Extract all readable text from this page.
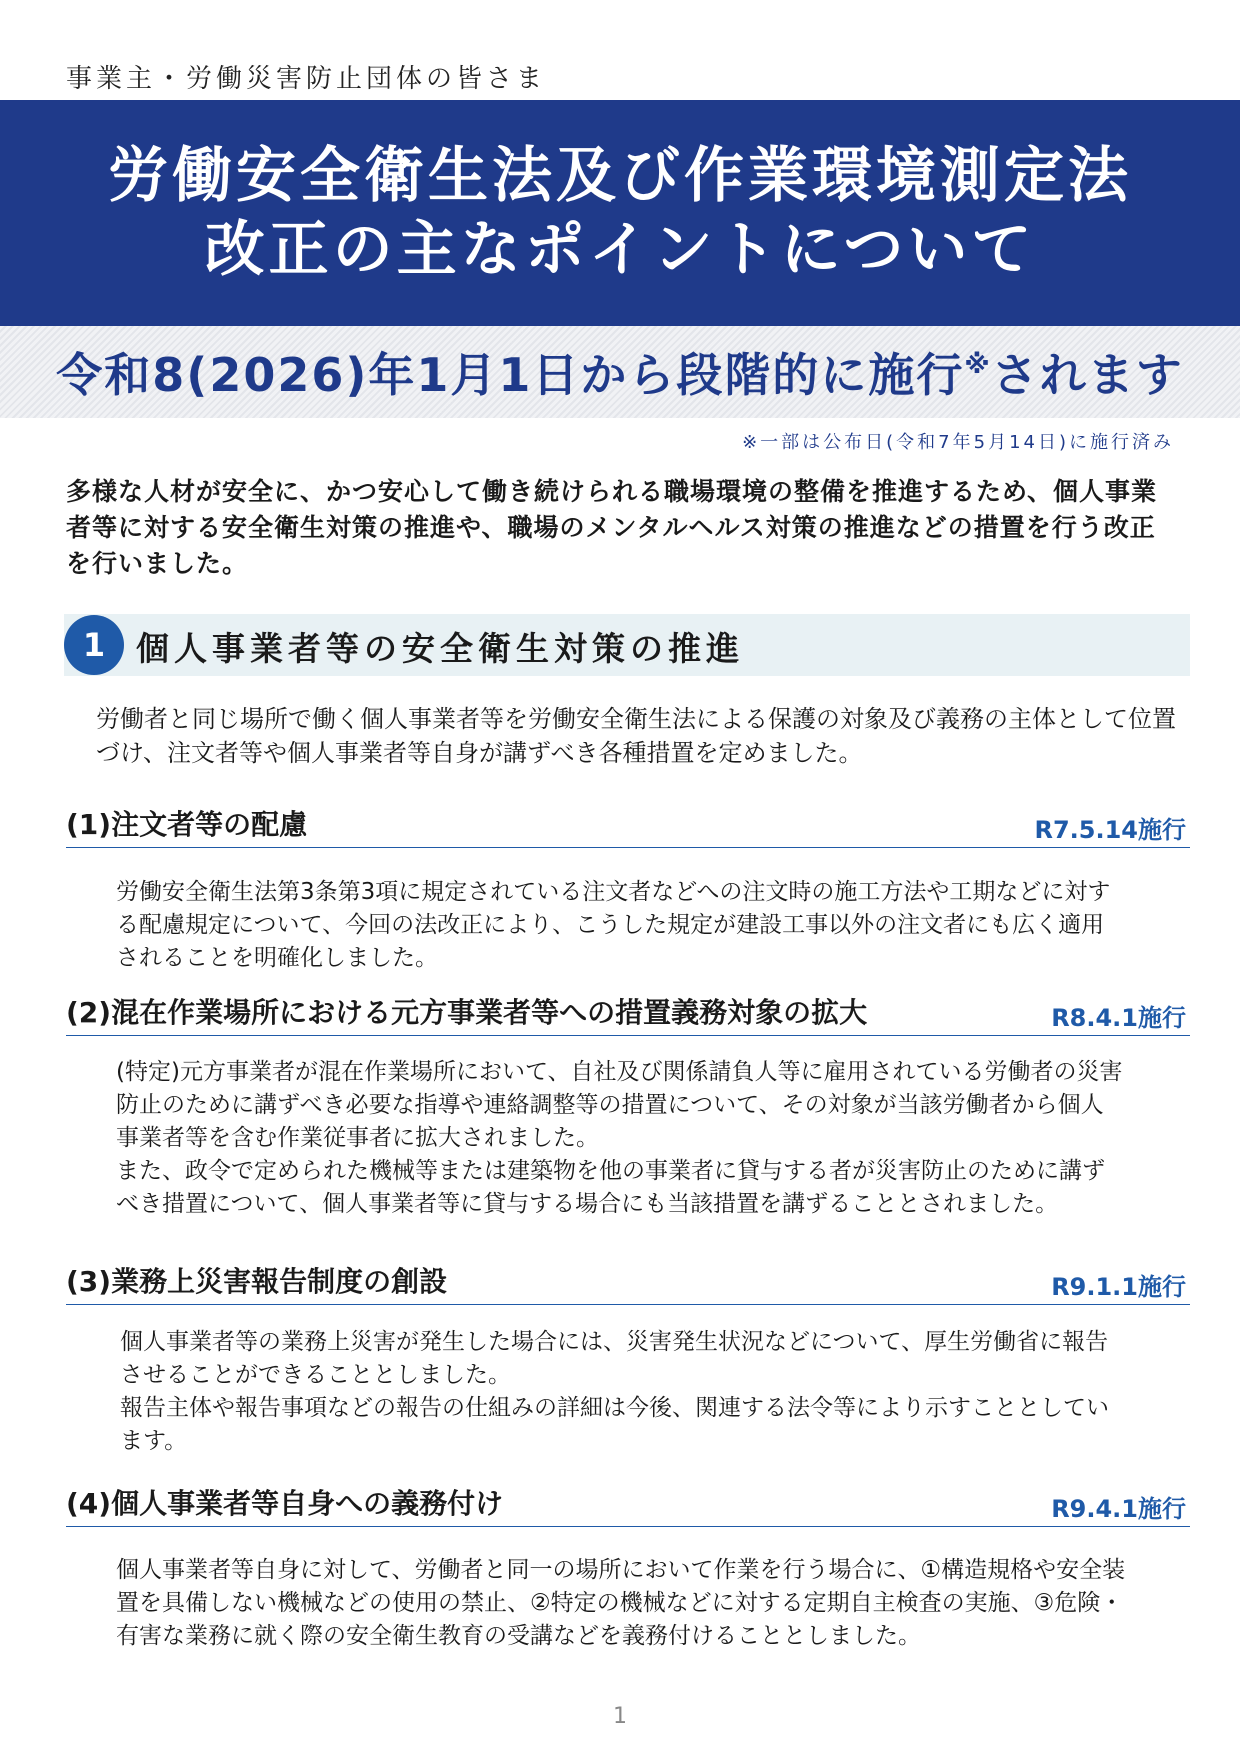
事業主・労働災害防止団体の皆さま
労働安全衛生法及び作業環境測定法
改正の主なポイントについて
令和8(2026)年1月1日から段階的に施行※されます
※一部は公布日(令和7年5月14日)に施行済み
多様な人材が安全に、かつ安心して働き続けられる職場環境の整備を推進するため、個人事業者等に対する安全衛生対策の推進や、職場のメンタルヘルス対策の推進などの措置を行う改正を行いました。
1 個人事業者等の安全衛生対策の推進
労働者と同じ場所で働く個人事業者等を労働安全衛生法による保護の対象及び義務の主体として位置づけ、注文者等や個人事業者等自身が講ずべき各種措置を定めました。
(1)注文者等の配慮	R7.5.14施行
労働安全衛生法第3条第3項に規定されている注文者などへの注文時の施工方法や工期などに対する配慮規定について、今回の法改正により、こうした規定が建設工事以外の注文者にも広く適用されることを明確化しました。
(2)混在作業場所における元方事業者等への措置義務対象の拡大	R8.4.1施行
(特定)元方事業者が混在作業場所において、自社及び関係請負人等に雇用されている労働者の災害防止のために講ずべき必要な指導や連絡調整等の措置について、その対象が当該労働者から個人事業者等を含む作業従事者に拡大されました。
また、政令で定められた機械等または建築物を他の事業者に貸与する者が災害防止のために講ずべき措置について、個人事業者等に貸与する場合にも当該措置を講ずることとされました。
(3)業務上災害報告制度の創設	R9.1.1施行
個人事業者等の業務上災害が発生した場合には、災害発生状況などについて、厚生労働省に報告させることができることとしました。
報告主体や報告事項などの報告の仕組みの詳細は今後、関連する法令等により示すこととしています。
(4)個人事業者等自身への義務付け	R9.4.1施行
個人事業者等自身に対して、労働者と同一の場所において作業を行う場合に、①構造規格や安全装置を具備しない機械などの使用の禁止、②特定の機械などに対する定期自主検査の実施、③危険・有害な業務に就く際の安全衛生教育の受講などを義務付けることとしました。
1
